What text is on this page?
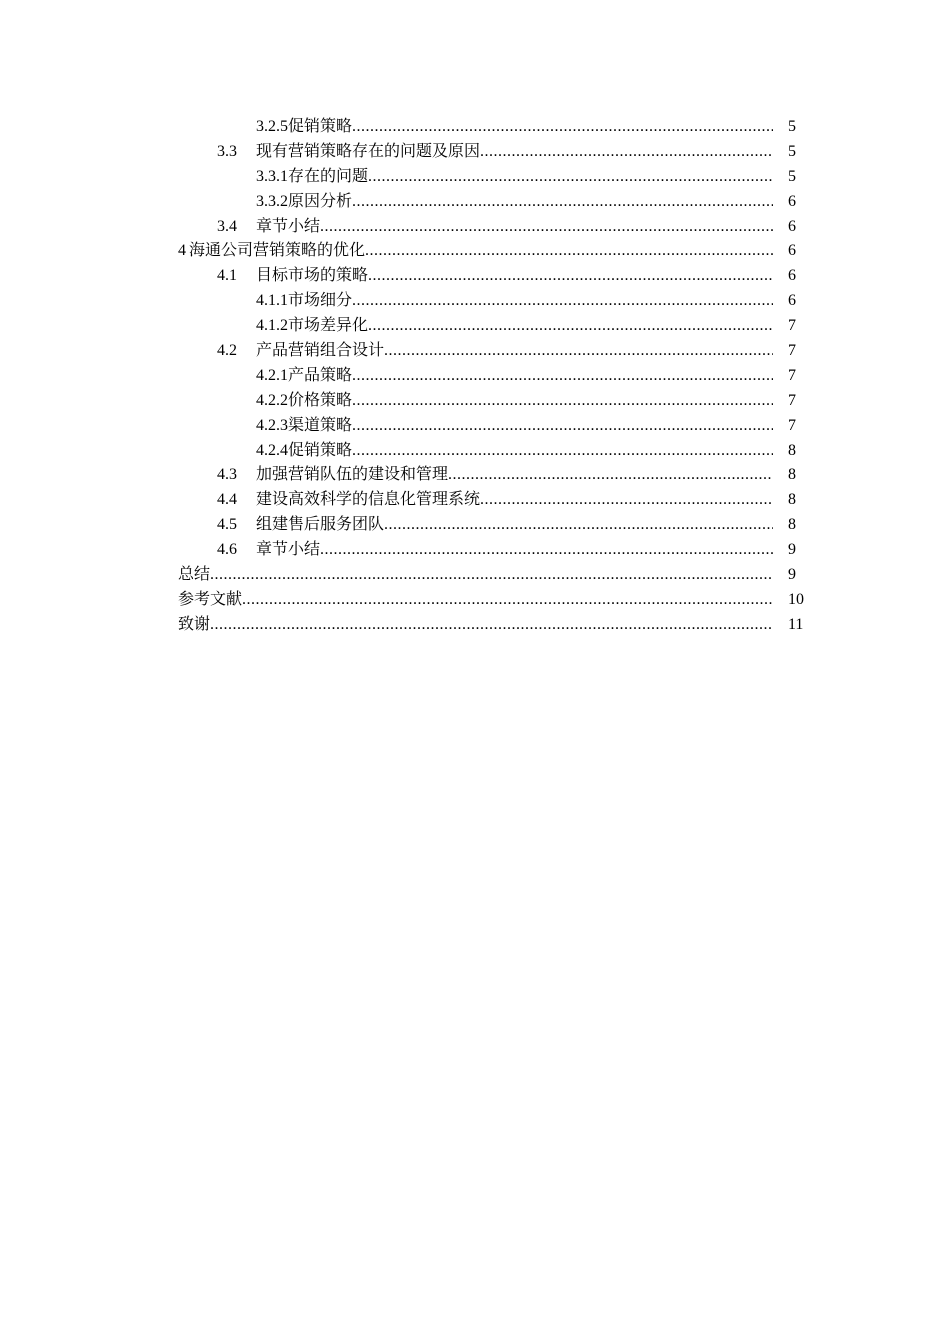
3.2.5 促销策略 .....	5
3.3	现有营销策略存在的问题及原因 .....	5
3.3.1 存在的问题 .....	5
3.3.2 原因分析 .....	6
3.4	章节小结 .....	6
4 海通公司营销策略的优化 .....	6
4.1	目标市场的策略 .....	6
4.1.1 市场细分 .....	6
4.1.2 市场差异化 .....	7
4.2	产品营销组合设计 .....	7
4.2.1 产品策略 .....	7
4.2.2 价格策略 .....	7
4.2.3 渠道策略 .....	7
4.2.4 促销策略 .....	8
4.3	加强营销队伍的建设和管理 .....	8
4.4	建设高效科学的信息化管理系统 .....	8
4.5	组建售后服务团队 .....	8
4.6	章节小结 .....	9
总结 .....	9
参考文献 .....	10
致谢 .....	11
